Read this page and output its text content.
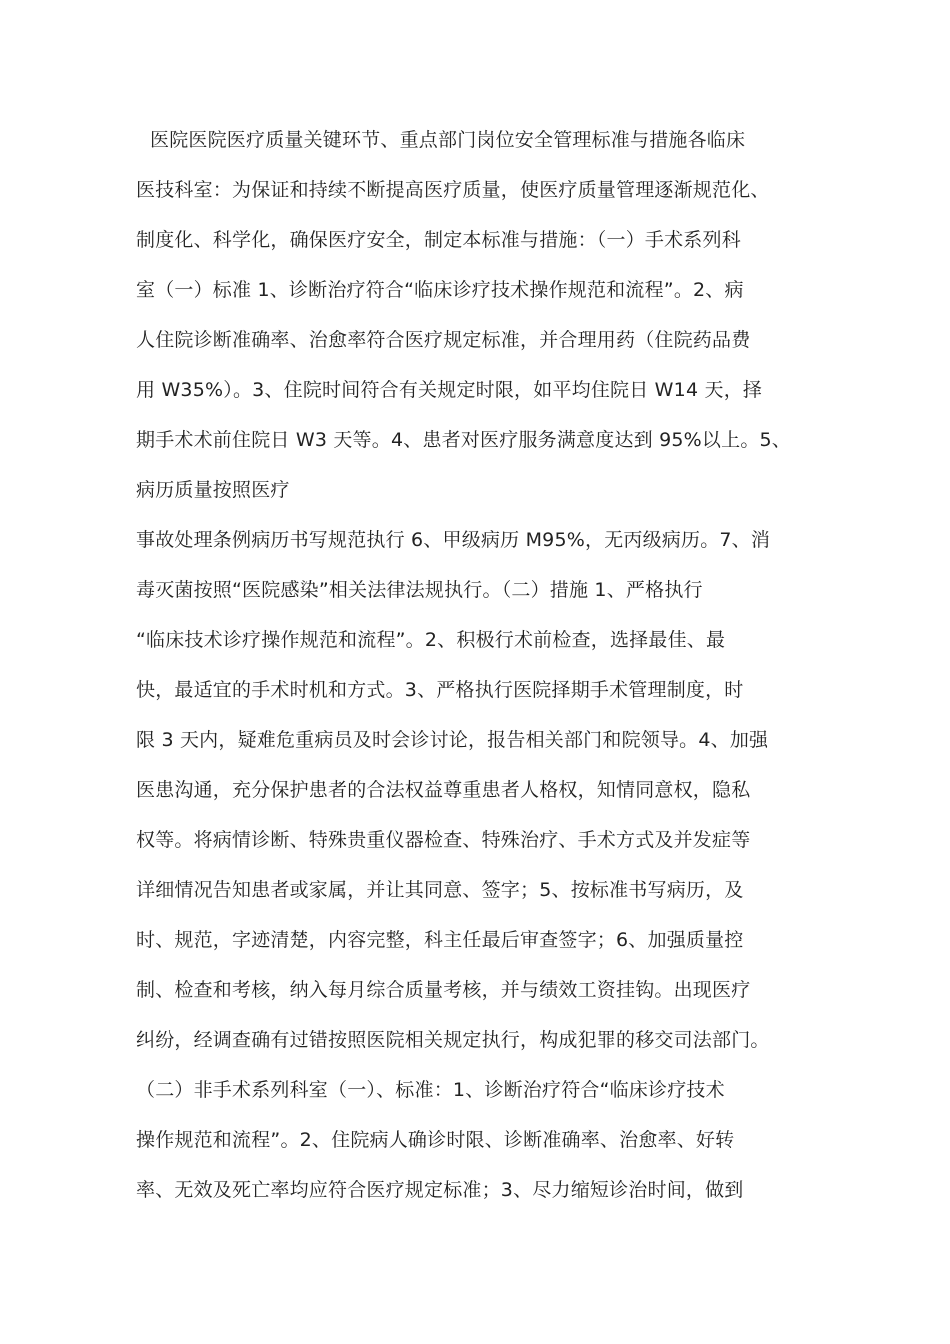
医院医院医疗质量关键环节、重点部门岗位安全管理标准与措施各临床
医技科室：为保证和持续不断提高医疗质量，使医疗质量管理逐渐规范化、
制度化、科学化，确保医疗安全，制定本标准与措施：（一）手术系列科
室（一）标准 1、诊断治疗符合“临床诊疗技术操作规范和流程”。2、病
人住院诊断准确率、治愈率符合医疗规定标准，并合理用药（住院药品费
用 W35%）。3、住院时间符合有关规定时限，如平均住院日 W14 天，择
期手术术前住院日 W3 天等。4、患者对医疗服务满意度达到 95%以上。5、
病历质量按照医疗
事故处理条例病历书写规范执行 6、甲级病历 M95%，无丙级病历。7、消
毒灭菌按照“医院感染”相关法律法规执行。（二）措施 1、严格执行
“临床技术诊疗操作规范和流程”。2、积极行术前检查，选择最佳、最
快，最适宜的手术时机和方式。3、严格执行医院择期手术管理制度，时
限 3 天内，疑难危重病员及时会诊讨论，报告相关部门和院领导。4、加强
医患沟通，充分保护患者的合法权益尊重患者人格权，知情同意权，隐私
权等。将病情诊断、特殊贵重仪器检查、特殊治疗、手术方式及并发症等
详细情况告知患者或家属，并让其同意、签字；5、按标准书写病历，及
时、规范，字迹清楚，内容完整，科主任最后审查签字；6、加强质量控
制、检查和考核，纳入每月综合质量考核，并与绩效工资挂钩。出现医疗
纠纷，经调查确有过错按照医院相关规定执行，构成犯罪的移交司法部门。
（二）非手术系列科室（一）、标准：1、诊断治疗符合“临床诊疗技术
操作规范和流程”。2、住院病人确诊时限、诊断准确率、治愈率、好转
率、无效及死亡率均应符合医疗规定标准；3、尽力缩短诊治时间，做到
